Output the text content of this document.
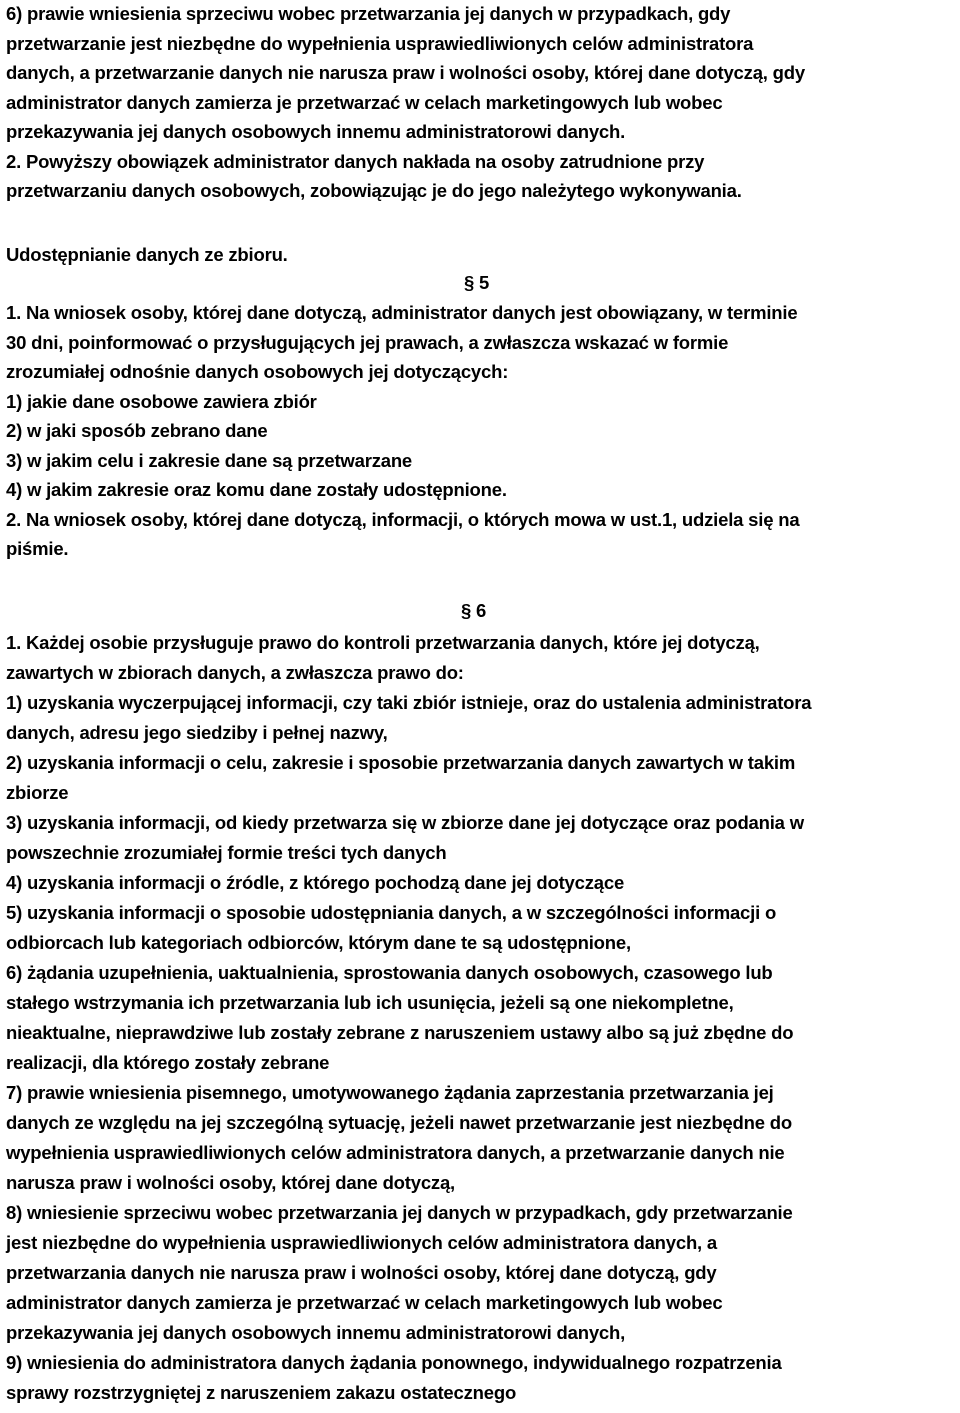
6) prawie wniesienia sprzeciwu wobec przetwarzania jej danych w przypadkach, gdy
przetwarzanie jest niezbędne do wypełnienia usprawiedliwionych celów administratora
danych, a przetwarzanie danych nie narusza praw i wolności osoby, której dane dotyczą, gdy
administrator danych zamierza je przetwarzać w celach marketingowych lub wobec
przekazywania jej danych osobowych innemu administratorowi danych.
2. Powyższy obowiązek administrator danych nakłada na osoby zatrudnione przy
przetwarzaniu danych osobowych, zobowiązując je do jego należytego wykonywania.
Udostępnianie danych ze zbioru.
§ 5
1. Na wniosek osoby, której dane dotyczą, administrator danych jest obowiązany, w terminie
30 dni, poinformować o przysługujących jej prawach, a zwłaszcza wskazać w formie
zrozumiałej odnośnie danych osobowych jej dotyczących:
1) jakie dane osobowe zawiera zbiór
2) w jaki sposób zebrano dane
3) w jakim celu i zakresie dane są przetwarzane
4) w jakim zakresie oraz komu dane zostały udostępnione.
2. Na wniosek osoby, której dane dotyczą, informacji, o których mowa w ust.1, udziela się na
piśmie.
§ 6
1. Każdej osobie przysługuje prawo do kontroli przetwarzania danych, które jej dotyczą,
zawartych w zbiorach danych, a zwłaszcza prawo do:
1) uzyskania wyczerpującej informacji, czy taki zbiór istnieje, oraz do ustalenia administratora
danych, adresu jego siedziby i pełnej nazwy,
2) uzyskania informacji o celu, zakresie i sposobie przetwarzania danych zawartych w takim
zbiorze
3) uzyskania informacji, od kiedy przetwarza się w zbiorze dane jej dotyczące oraz podania w
powszechnie zrozumiałej formie treści tych danych
4) uzyskania informacji o źródle, z którego pochodzą dane jej dotyczące
5) uzyskania informacji o sposobie udostępniania danych, a w szczególności informacji o
odbiorcach lub kategoriach odbiorców, którym dane te są udostępnione,
6) żądania uzupełnienia, uaktualnienia, sprostowania danych osobowych, czasowego lub
stałego wstrzymania ich przetwarzania lub ich usunięcia, jeżeli są one niekompletne,
nieaktualne, nieprawdziwe lub zostały zebrane z naruszeniem ustawy albo są już zbędne do
realizacji, dla którego zostały zebrane
7) prawie wniesienia pisemnego, umotywowanego żądania zaprzestania przetwarzania jej
danych ze względu na jej szczególną sytuację, jeżeli nawet przetwarzanie jest niezbędne do
wypełnienia usprawiedliwionych celów administratora danych, a przetwarzanie danych nie
narusza praw i wolności osoby, której dane dotyczą,
8) wniesienie sprzeciwu wobec przetwarzania jej danych w przypadkach, gdy przetwarzanie
jest niezbędne do wypełnienia usprawiedliwionych celów administratora danych, a
przetwarzania danych nie narusza praw i wolności osoby, której dane dotyczą, gdy
administrator danych zamierza je przetwarzać w celach marketingowych lub wobec
przekazywania jej danych osobowych innemu administratorowi danych,
9) wniesienia do administratora danych żądania ponownego, indywidualnego rozpatrzenia
sprawy rozstrzygniętej z naruszeniem zakazu ostatecznego
